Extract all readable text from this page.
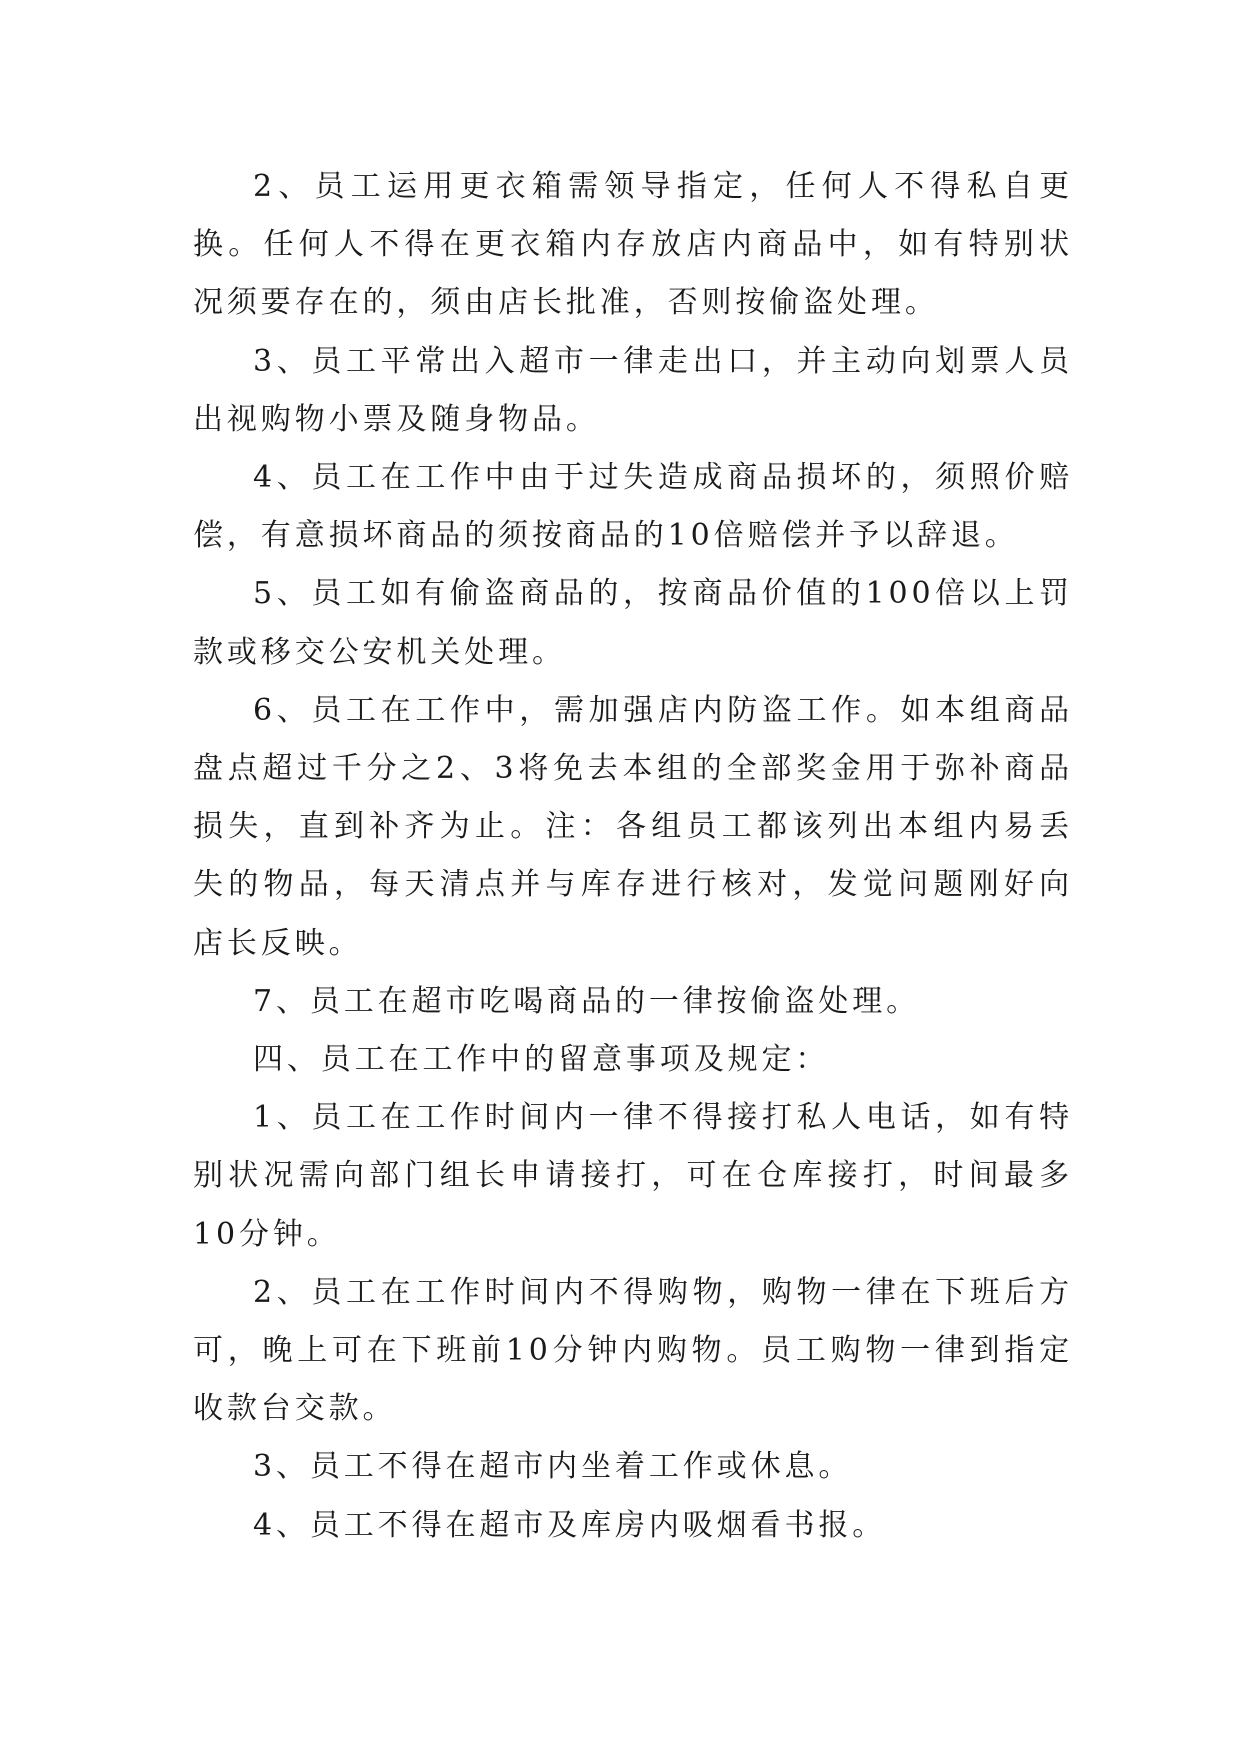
2、员工运用更衣箱需领导指定，任何人不得私自更换。任何人不得在更衣箱内存放店内商品中，如有特别状况须要存在的，须由店长批准，否则按偷盗处理。

3、员工平常出入超市一律走出口，并主动向划票人员出视购物小票及随身物品。

4、员工在工作中由于过失造成商品损坏的，须照价赔偿，有意损坏商品的须按商品的10倍赔偿并予以辞退。

5、员工如有偷盗商品的，按商品价值的100倍以上罚款或移交公安机关处理。

6、员工在工作中，需加强店内防盗工作。如本组商品盘点超过千分之2、3将免去本组的全部奖金用于弥补商品损失，直到补齐为止。注：各组员工都该列出本组内易丢失的物品，每天清点并与库存进行核对，发觉问题刚好向店长反映。

7、员工在超市吃喝商品的一律按偷盗处理。

四、员工在工作中的留意事项及规定：

1、员工在工作时间内一律不得接打私人电话，如有特别状况需向部门组长申请接打，可在仓库接打，时间最多10分钟。

2、员工在工作时间内不得购物，购物一律在下班后方可，晚上可在下班前10分钟内购物。员工购物一律到指定收款台交款。

3、员工不得在超市内坐着工作或休息。

4、员工不得在超市及库房内吸烟看书报。
